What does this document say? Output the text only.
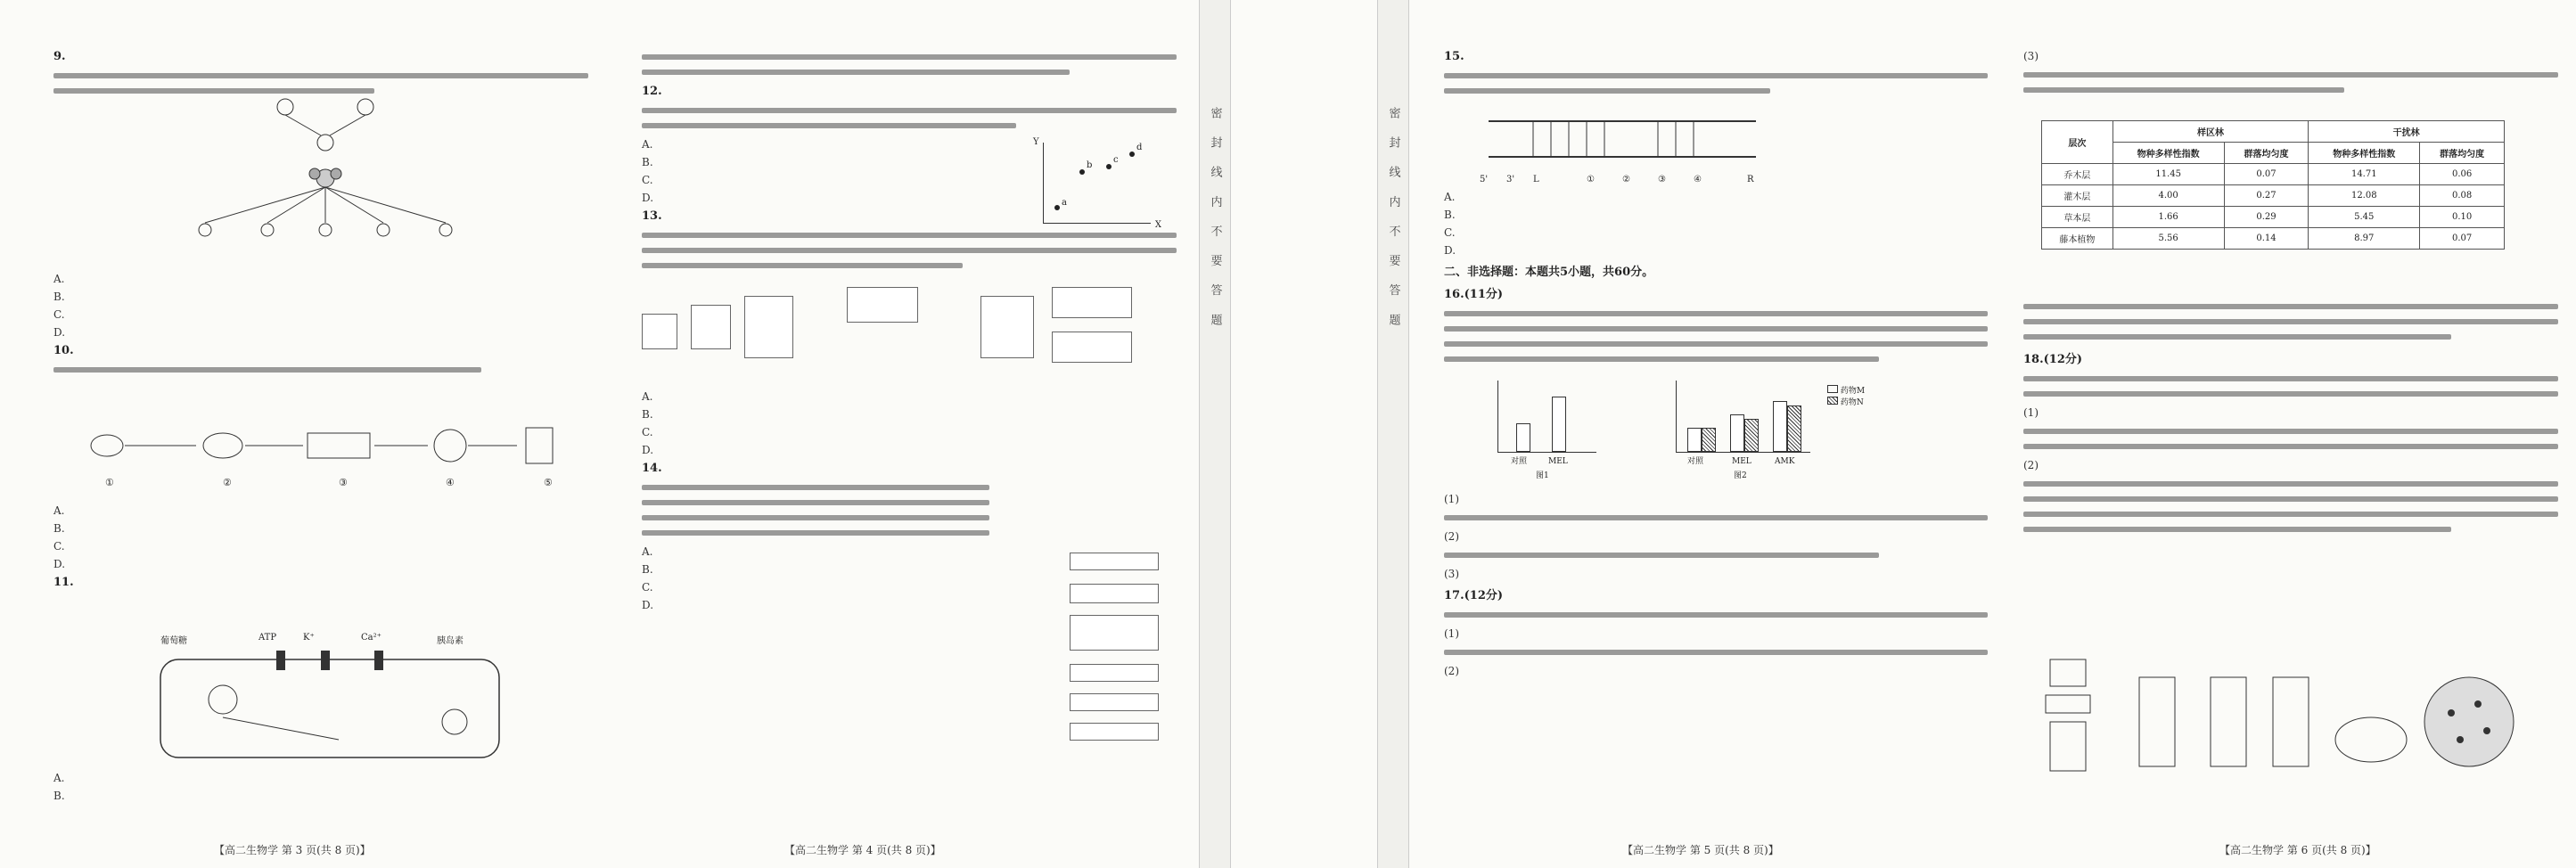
9.
A.
B.
C.
D.
10.
①	②	③	④	⑤
A.
B.
C.
D.
11.
葡萄糖	ATP	K⁺	Ca²⁺	胰岛素
A.
B.
【高二生物学 第 3 页(共 8 页)】
12.
A.
B.
C.
D.
Y
X
a
b
c
d
13.
A.
B.
C.
D.
14.
A.
B.
C.
D.
【高二生物学 第 4 页(共 8 页)】
密 封 线 内 不 要 答 题	密 封 线 内 不 要 答 题
15.
5' 3' L	R
①	②	③	④
A.
B.
C.
D.
二、非选择题：本题共5小题，共60分。
16.(11分)
对照	MEL
图1
对照	MEL	AMK
图2
药物M
药物N
(1)
(2)
(3)
17.(12分)
(1)
(2)
【高二生物学 第 5 页(共 8 页)】
(3)
层次	样区林		干扰林	
	物种多样性指数	群落均匀度	物种多样性指数	群落均匀度
乔木层	11.45	0.07	14.71	0.06
灌木层	4.00	0.27	12.08	0.08
草本层	1.66	0.29	5.45	0.10
藤本植物	5.56	0.14	8.97	0.07
18.(12分)
(1)
(2)
【高二生物学 第 6 页(共 8 页)】
